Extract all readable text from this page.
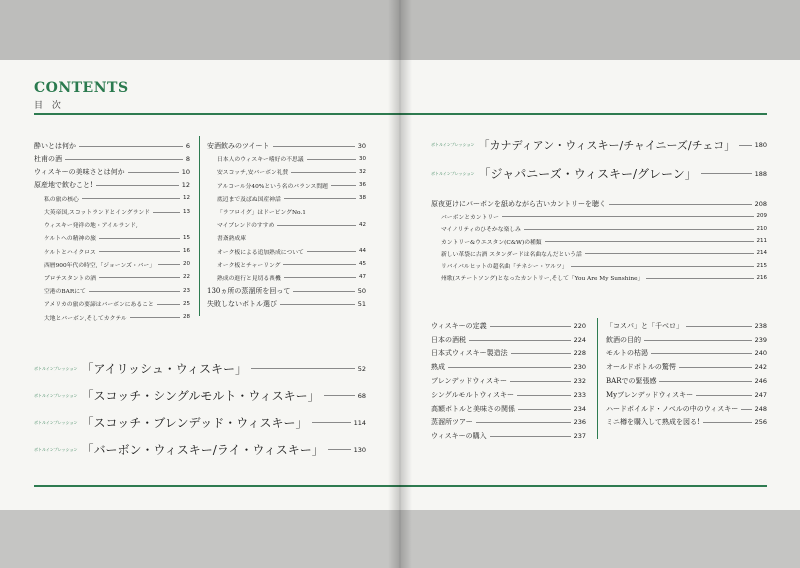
CONTENTS
目 次
酔いとは何か	6
杜甫の酒	8
ウィスキーの美味さとは何か	10
原産地で飲むこと!	12
私の旅の核心	12
大英帝国,スコットランドとイングランド	13
ウィスキー発祥の地・アイルランド,
ケルトへの精神の旅	15
ケルトとハイクロス	16
西暦900年代の時空,「ジョーンズ・バー」	20
プロテスタントの酒	22
空港のBARにて	23
アメリカの旅の要諦はバーボンにあること	25
大地とバーボン,そしてカクテル	28
安酒飲みのツイート	30
日本人のウィスキー嗜好の不思議	30
安スコッチ,安バーボン礼賛	32
アルコール分40%という名のバランス問題	36
底辺まで及ばぬ国産神話	38
「ラフロイグ」はドーピングNo.1
マイブレンドのすすめ	42
書斎熟成庫
オーク板による追加熟成について	44
オーク板とチャーリング	45
熟成の進行と見切る喪機	47
130ヵ所の蒸溜所を回って	50
失敗しないボトル選び	51
ボトルインプレッション 「アイリッシュ・ウィスキー」	52
ボトルインプレッション 「スコッチ・シングルモルト・ウィスキー」	68
ボトルインプレッション 「スコッチ・ブレンデッド・ウィスキー」	114
ボトルインプレッション 「バーボン・ウィスキー/ライ・ウィスキー」	130
ボトルインプレッション 「カナディアン・ウィスキー/チャイニーズ/チェコ」	180
ボトルインプレッション 「ジャパニーズ・ウィスキー/グレーン」	188
原夜更けにバーボンを舐めながら古いカントリーを聴く	208
バーボンとカントリー	209
マイノリティのひそかな楽しみ	210
カントリー&ウエスタン(C&W)の種類	211
新しい革袋に古酒 スタンダードは名曲なんだという話	214
リバイバルヒットの超名曲「テネシー・ワルツ」	215
州歌(ステートソング)となったカントリー,そして「You Are My Sunshine」	216
ウィスキーの定義	220
日本の酒税	224
日本式ウィスキー製造法	228
熟成	230
ブレンデッドウィスキー	232
シングルモルトウィスキー	233
高額ボトルと美味さの関係	234
蒸溜所ツアー	236
ウィスキーの購入	237
「コスパ」と「千ベロ」	238
飲酒の目的	239
モルトの枯渇	240
オールドボトルの驚愕	242
BARでの緊張感	246
Myブレンデッドウィスキー	247
ハードボイルド・ノベルの中のウィスキー	248
ミニ樽を購入して熟成を図る!	256
